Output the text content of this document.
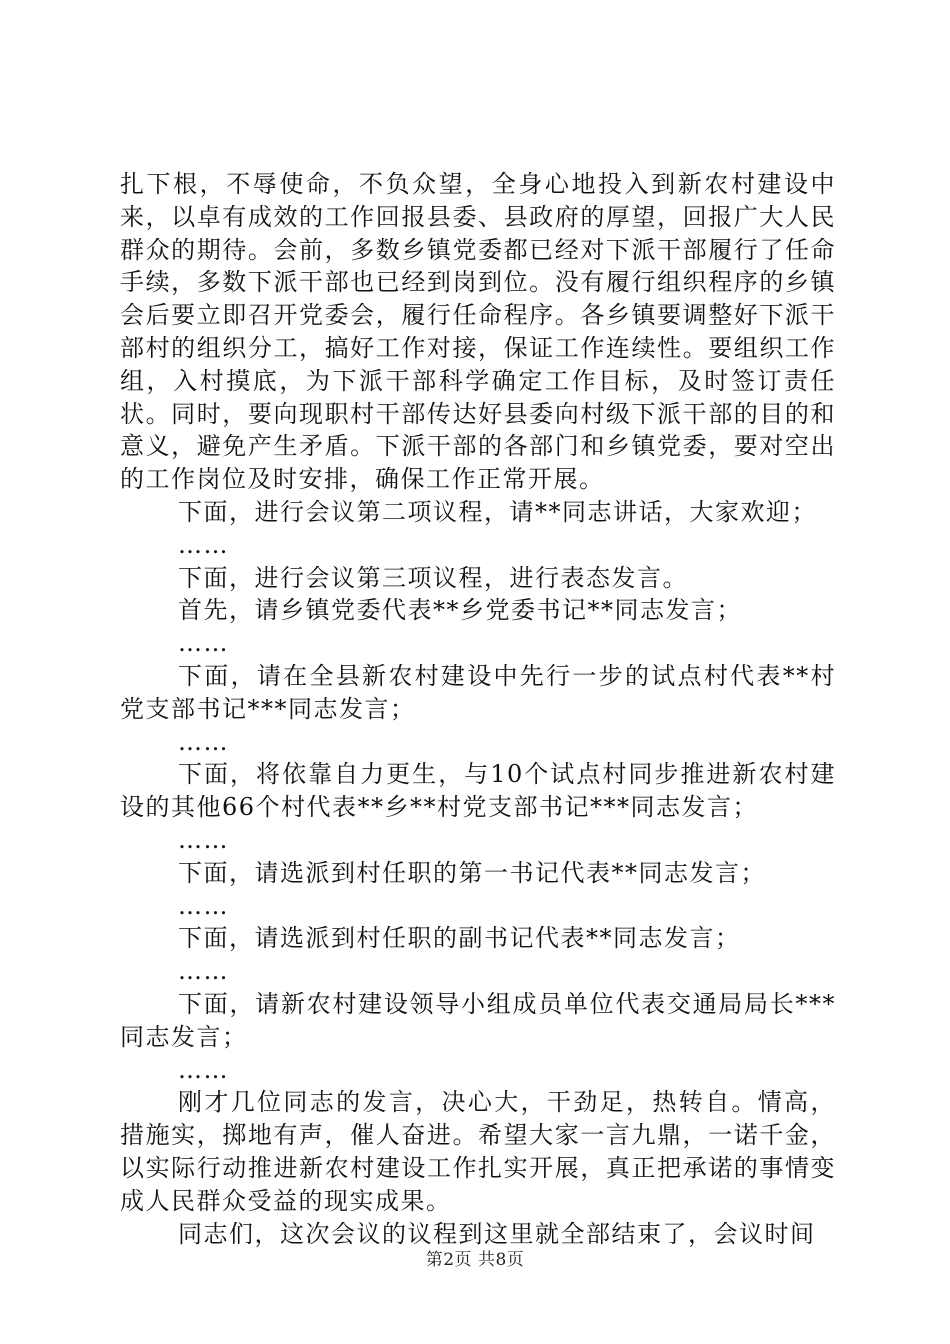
扎下根，不辱使命，不负众望，全身心地投入到新农村建设中来，以卓有成效的工作回报县委、县政府的厚望，回报广大人民群众的期待。会前，多数乡镇党委都已经对下派干部履行了任命手续，多数下派干部也已经到岗到位。没有履行组织程序的乡镇会后要立即召开党委会，履行任命程序。各乡镇要调整好下派干部村的组织分工，搞好工作对接，保证工作连续性。要组织工作组，入村摸底，为下派干部科学确定工作目标，及时签订责任状。同时，要向现职村干部传达好县委向村级下派干部的目的和意义，避免产生矛盾。下派干部的各部门和乡镇党委，要对空出的工作岗位及时安排，确保工作正常开展。

下面，进行会议第二项议程，请**同志讲话，大家欢迎；

……

下面，进行会议第三项议程，进行表态发言。

首先，请乡镇党委代表**乡党委书记**同志发言；

……

下面，请在全县新农村建设中先行一步的试点村代表**村党支部书记***同志发言；

……

下面，将依靠自力更生，与10个试点村同步推进新农村建设的其他66个村代表**乡**村党支部书记***同志发言；

……

下面，请选派到村任职的第一书记代表**同志发言；

……

下面，请选派到村任职的副书记代表**同志发言；

……

下面，请新农村建设领导小组成员单位代表交通局局长***同志发言；

……

刚才几位同志的发言，决心大，干劲足，热转自。情高，措施实，掷地有声，催人奋进。希望大家一言九鼎，一诺千金，以实际行动推进新农村建设工作扎实开展，真正把承诺的事情变成人民群众受益的现实成果。

同志们，这次会议的议程到这里就全部结束了，会议时间

第2页 共8页
